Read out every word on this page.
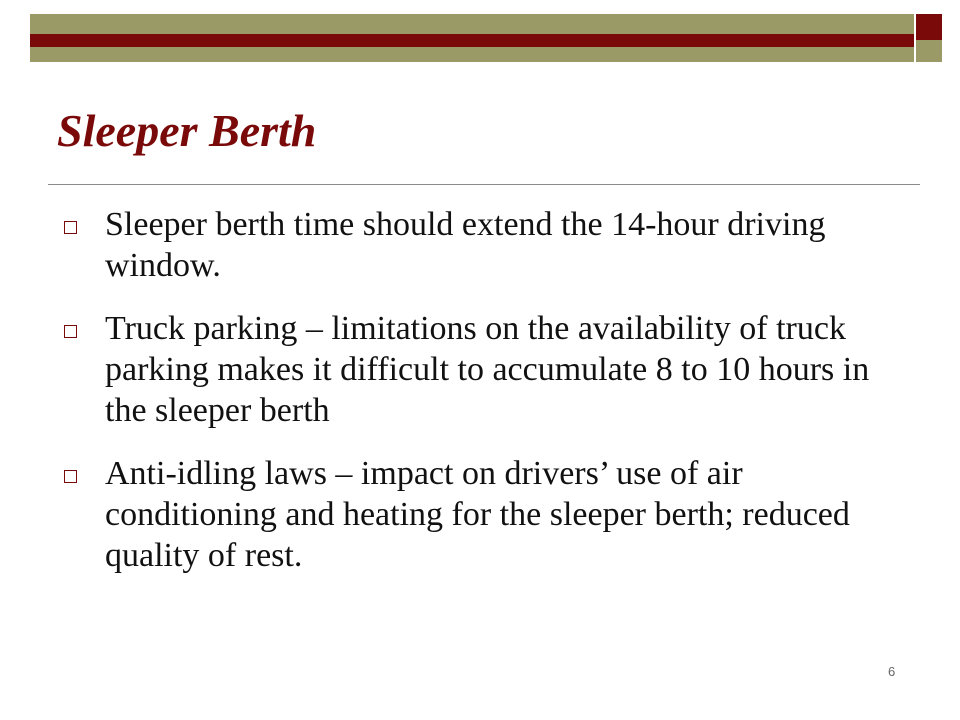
Sleeper Berth
Sleeper berth time should extend the 14-hour driving window.
Truck parking – limitations on the availability of truck parking makes it difficult to accumulate 8 to 10 hours in the sleeper berth
Anti-idling laws – impact on drivers’ use of air conditioning and heating for the sleeper berth; reduced quality of rest.
6
